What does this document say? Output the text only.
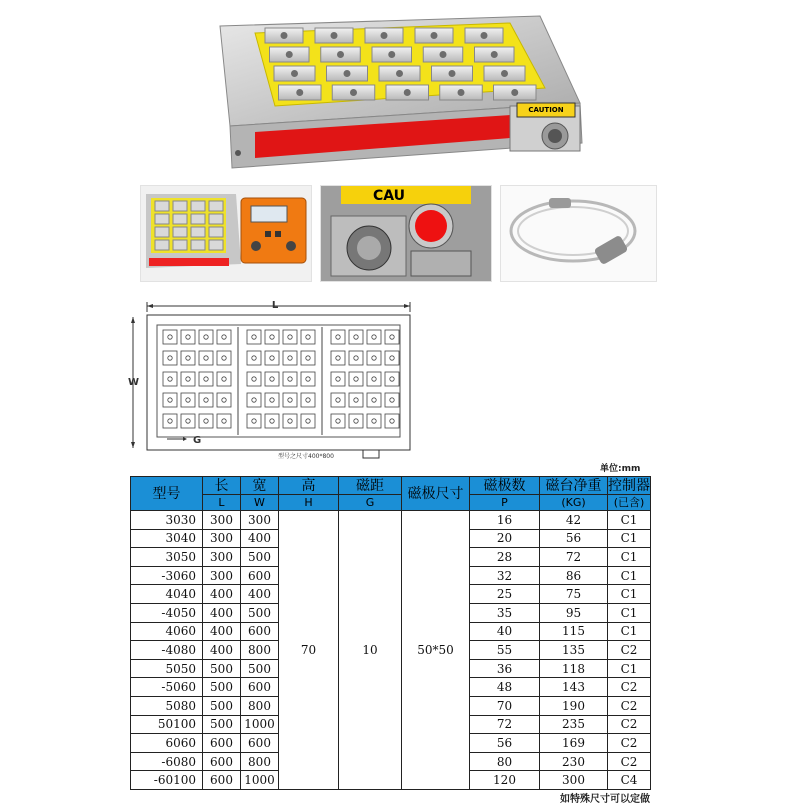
CAUTION
CAU
L
W
G
型号之尺寸400*800
单位:mm
型号	长	宽	高	磁距	磁极尺寸	磁极数	磁台净重	控制器
	L	W	H	G		P	(KG)	(已含)
3030	300	300	70	10	50*50	16	42	C1
3040	300	400				20	56	C1
3050	300	500				28	72	C1
-3060	300	600				32	86	C1
4040	400	400				25	75	C1
-4050	400	500				35	95	C1
4060	400	600				40	115	C1
-4080	400	800				55	135	C2
5050	500	500				36	118	C1
-5060	500	600				48	143	C2
5080	500	800				70	190	C2
50100	500	1000				72	235	C2
6060	600	600				56	169	C2
-6080	600	800				80	230	C2
-60100	600	1000				120	300	C4
如特殊尺寸可以定做
